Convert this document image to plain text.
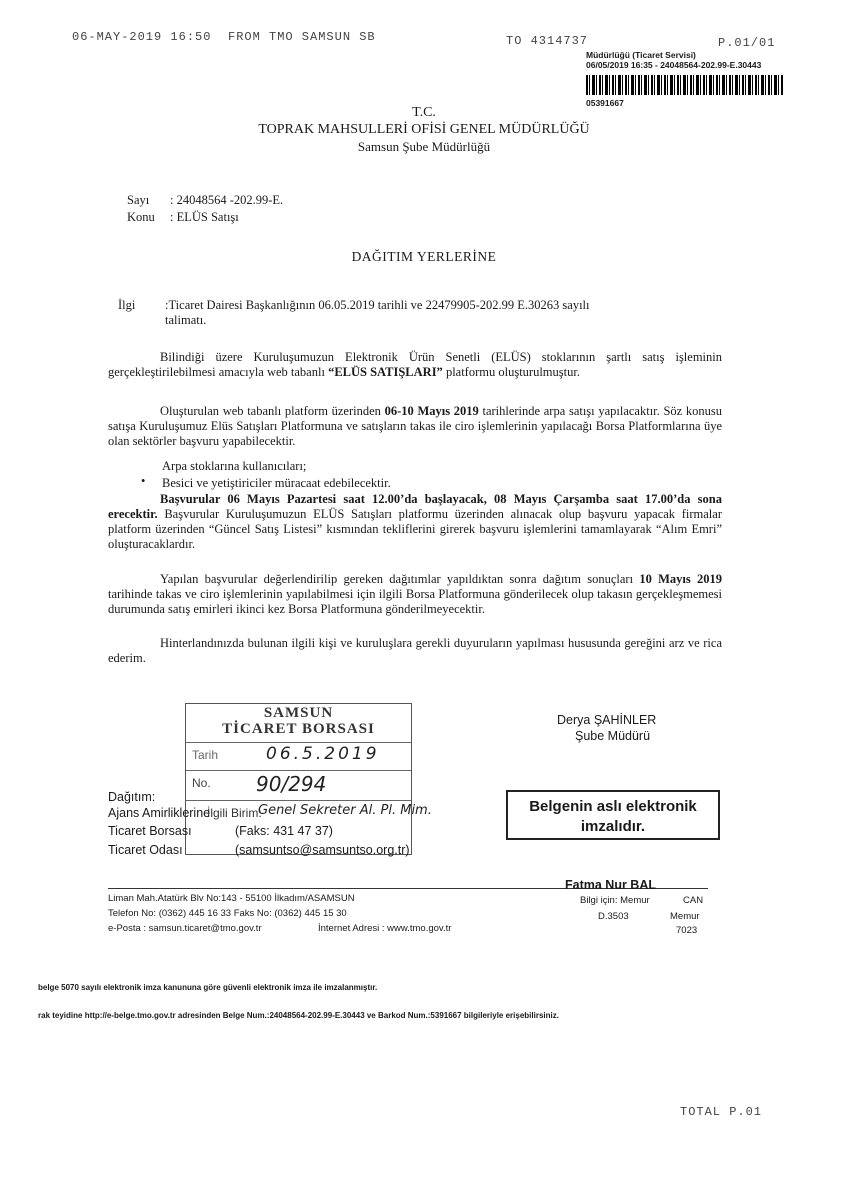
06-MAY-2019 16:50 FROM TMO SAMSUN SB	TO 4314737	P.01/01
Müdürlüğü (Ticaret Servisi)
06/05/2019 16:35 - 24048564-202.99-E.30443
05391667
T.C.
TOPRAK MAHSULLERİ OFİSİ GENEL MÜDÜRLÜĞÜ
Samsun Şube Müdürlüğü
Sayı : 24048564 -202.99-E.
Konu : ELÜS Satışı
DAĞITIM YERLERİNE
İlgi :Ticaret Dairesi Başkanlığının 06.05.2019 tarihli ve 22479905-202.99 E.30263 sayılı
talimatı.
Bilindiği üzere Kuruluşumuzun Elektronik Ürün Senetli (ELÜS) stoklarının şartlı satış işleminin gerçekleştirilebilmesi amacıyla web tabanlı “ELÜS SATIŞLARI” platformu oluşturulmuştur.
Oluşturulan web tabanlı platform üzerinden 06-10 Mayıs 2019 tarihlerinde arpa satışı yapılacaktır. Söz konusu satışa Kuruluşumuz Elüs Satışları Platformuna ve satışların takas ile ciro işlemlerinin yapılacağı Borsa Platformlarına üye olan sektörler başvuru yapabilecektir.
Arpa stoklarına kullanıcıları;
• Besici ve yetiştiriciler müracaat edebilecektir.
Başvurular 06 Mayıs Pazartesi saat 12.00’da başlayacak, 08 Mayıs Çarşamba saat 17.00’da sona erecektir. Başvurular Kuruluşumuzun ELÜS Satışları platformu üzerinden alınacak olup başvuru yapacak firmalar platform üzerinden “Güncel Satış Listesi” kısmından tekliflerini girerek başvuru işlemlerini tamamlayarak “Alım Emri” oluşturacaklardır.
Yapılan başvurular değerlendirilip gereken dağıtımlar yapıldıktan sonra dağıtım sonuçları 10 Mayıs 2019 tarihinde takas ve ciro işlemlerinin yapılabilmesi için ilgili Borsa Platformuna gönderilecek olup takasın gerçekleşmemesi durumunda satış emirleri ikinci kez Borsa Platformuna gönderilmeyecektir.
Hinterlandınızda bulunan ilgili kişi ve kuruluşlara gerekli duyuruların yapılması hususunda gereğini arz ve rica ederim.
Derya ŞAHİNLER
Şube Müdürü
SAMSUN
TİCARET BORSASI
Tarih	06.5.2019
No. 90/294
Genel Sekreter Al. Pl. Mim.
Dağıtım:
Ajans Amirliklerine
İlgili Birim:
Ticaret Borsası	(Faks: 431 47 37)
Ticaret Odası	(samsuntso@samsuntso.org.tr)
Belgenin aslı elektronik
imzalıdır.
Liman Mah.Atatürk Blv No:143 - 55100 İlkadım/ASAMSUN
Telefon No: (0362) 445 16 33 Faks No: (0362) 445 15 30
e-Posta : samsun.ticaret@tmo.gov.tr	İnternet Adresi : www.tmo.gov.tr
Fatma Nur BAL
Bilgi için: Memur	CAN
D.3503	Memur
7023
belge 5070 sayılı elektronik imza kanununa göre güvenli elektronik imza ile imzalanmıştır.
rak teyidine http://e-belge.tmo.gov.tr adresinden Belge Num.:24048564-202.99-E.30443 ve Barkod Num.:5391667 bilgileriyle erişebilirsiniz.
TOTAL P.01
